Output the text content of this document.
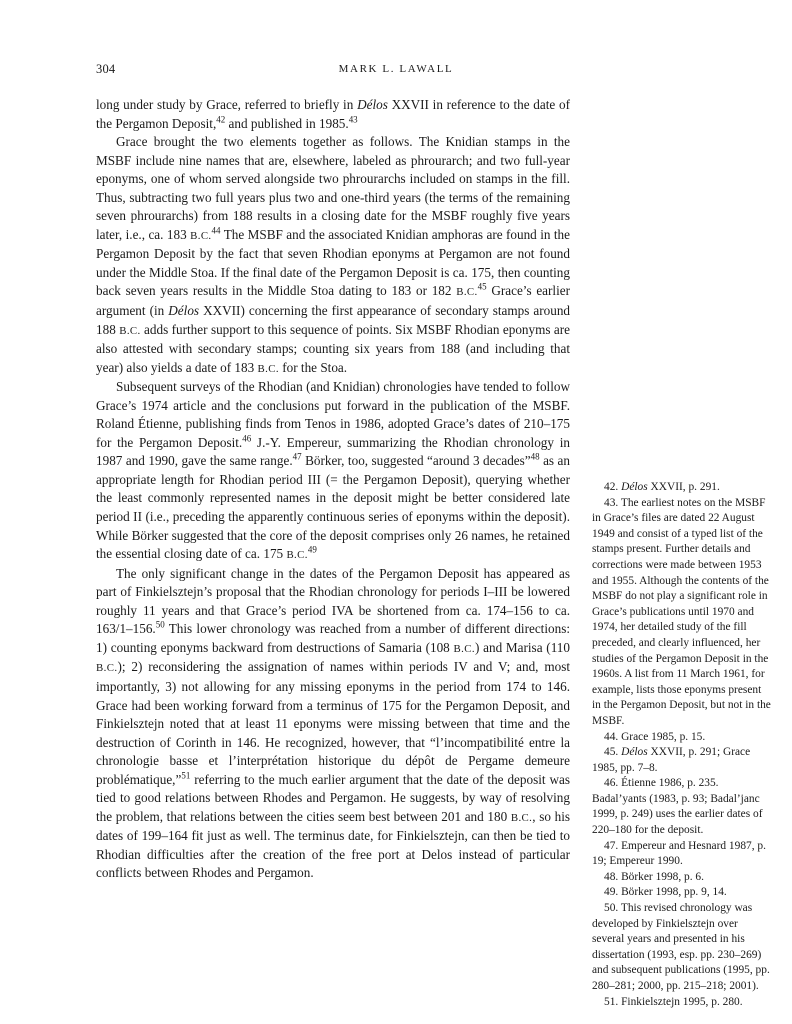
304	MARK L. LAWALL

long under study by Grace, referred to briefly in Délos XXVII in reference to the date of the Pergamon Deposit,$^{42}$ and published in 1985.43

Grace brought the two elements together as follows. The Knidian stamps in the MSBF include nine names that are, elsewhere, labeled as phrourarch; and two full-year eponyms, one of whom served alongside two phrourarchs included on stamps in the fill. Thus, subtracting two full years plus two and one-third years (the terms of the remaining seven phrourarchs) from 188 results in a closing date for the MSBF roughly five years later, i.e., ca. 183 B.C.$^{44}$ The MSBF and the associated Knidian amphoras are found in the Pergamon Deposit by the fact that seven Rhodian eponyms at Pergamon are not found under the Middle Stoa. If the final date of the Pergamon Deposit is ca. 175, then counting back seven years results in the Middle Stoa dating to 183 or 182 B.C.$^{45}$ Grace’s earlier argument (in Délos XXVII) concerning the first appearance of secondary stamps around 188 B.C. adds further support to this sequence of points. Six MSBF Rhodian eponyms are also attested with secondary stamps; counting six years from 188 (and including that year) also yields a date of 183 B.C. for the Stoa.

Subsequent surveys of the Rhodian (and Knidian) chronologies have tended to follow Grace’s 1974 article and the conclusions put forward in the publication of the MSBF. Roland Étienne, publishing finds from Tenos in 1986, adopted Grace’s dates of 210–175 for the Pergamon Deposit.$^{46}$ J.-Y. Empereur, summarizing the Rhodian chronology in 1987 and 1990, gave the same range.$^{47}$ Börker, too, suggested “around 3 decades”$^{48}$ as an appropriate length for Rhodian period III (= the Pergamon Deposit), querying whether the least commonly represented names in the deposit might be better considered late period II (i.e., preceding the apparently continuous series of eponyms within the deposit). While Börker suggested that the core of the deposit comprises only 26 names, he retained the essential closing date of ca. 175 B.C.$^{49}$

The only significant change in the dates of the Pergamon Deposit has appeared as part of Finkielsztejn’s proposal that the Rhodian chronology for periods I–III be lowered roughly 11 years and that Grace’s period IVA be shortened from ca. 174–156 to ca. 163/1–156.50 This lower chronology was reached from a number of different directions: 1) counting eponyms backward from destructions of Samaria (108 B.C.) and Marisa (110 B.C.); 2) reconsidering the assignation of names within periods IV and V; and, most importantly, 3) not allowing for any missing eponyms in the period from 174 to 146. Grace had been working forward from a terminus of 175 for the Pergamon Deposit, and Finkielsztejn noted that at least 11 eponyms were missing between that time and the destruction of Corinth in 146. He recognized, however, that “l’incompatibilité entre la chronologie basse et l’interprétation historique du dépôt de Pergame demeure problématique,”$^{51}$ referring to the much earlier argument that the date of the deposit was tied to good relations between Rhodes and Pergamon. He suggests, by way of resolving the problem, that relations between the cities seem best between 201 and 180 B.C., so his dates of 199–164 fit just as well. The terminus date, for Finkielsztejn, can then be tied to Rhodian difficulties after the creation of the free port at Delos instead of particular conflicts between Rhodes and Pergamon.

42. Délos XXVII, p. 291.

43. The earliest notes on the MSBF in Grace’s files are dated 22 August 1949 and consist of a typed list of the stamps present. Further details and corrections were made between 1953 and 1955. Although the contents of the MSBF do not play a significant role in Grace’s publications until 1970 and 1974, her detailed study of the fill preceded, and clearly influenced, her studies of the Pergamon Deposit in the 1960s. A list from 11 March 1961, for example, lists those eponyms present in the Pergamon Deposit, but not in the MSBF.

44. Grace 1985, p. 15.

45. Délos XXVII, p. 291; Grace 1985, pp. 7–8.

46. Étienne 1986, p. 235. Badal’yants (1983, p. 93; Badal’janc 1999, p. 249) uses the earlier dates of 220–180 for the deposit.

47. Empereur and Hesnard 1987, p. 19; Empereur 1990.

48. Börker 1998, p. 6.

49. Börker 1998, pp. 9, 14.

50. This revised chronology was developed by Finkielsztejn over several years and presented in his dissertation (1993, esp. pp. 230–269) and subsequent publications (1995, pp. 280–281; 2000, pp. 215–218; 2001).

51. Finkielsztejn 1995, p. 280.
